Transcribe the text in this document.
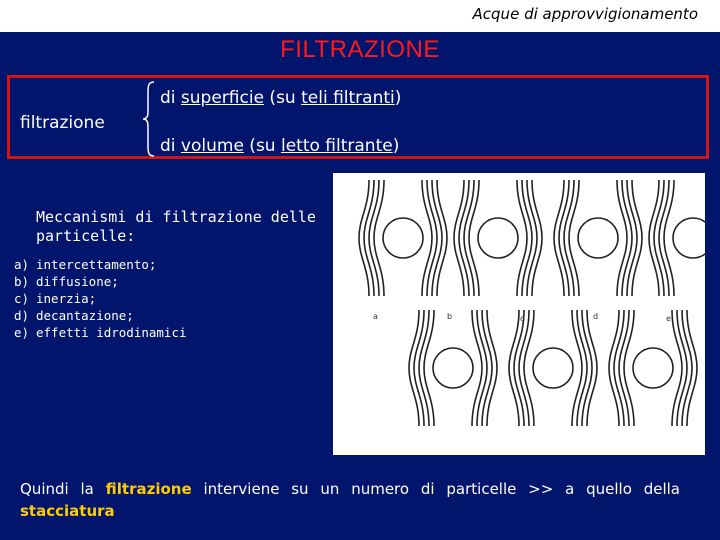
Acque di approvvigionamento
FILTRAZIONE
filtrazione
di superficie (su teli filtranti)
di volume (su letto filtrante)
Meccanismi di filtrazione delle particelle:
a) intercettamento;
b) diffusione;
c) inerzia;
d) decantazione;
e) effetti idrodinamici
a	b	c	d	e
Quindi la filtrazione interviene su un numero di particelle >> a quello della stacciatura
